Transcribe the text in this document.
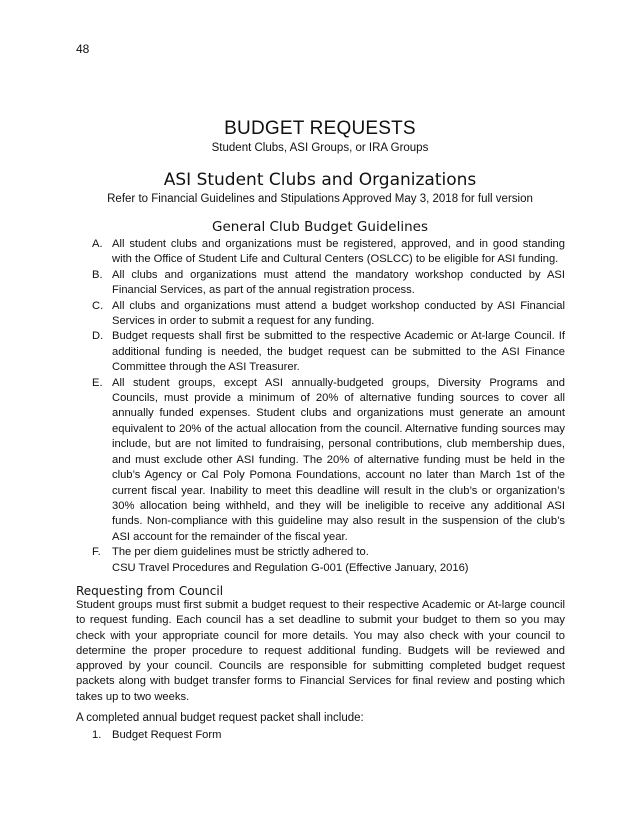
48
BUDGET REQUESTS
Student Clubs, ASI Groups, or IRA Groups
ASI Student Clubs and Organizations
Refer to Financial Guidelines and Stipulations Approved May 3, 2018 for full version
General Club Budget Guidelines
A. All student clubs and organizations must be registered, approved, and in good standing with the Office of Student Life and Cultural Centers (OSLCC) to be eligible for ASI funding.
B. All clubs and organizations must attend the mandatory workshop conducted by ASI Financial Services, as part of the annual registration process.
C. All clubs and organizations must attend a budget workshop conducted by ASI Financial Services in order to submit a request for any funding.
D. Budget requests shall first be submitted to the respective Academic or At-large Council. If additional funding is needed, the budget request can be submitted to the ASI Finance Committee through the ASI Treasurer.
E. All student groups, except ASI annually-budgeted groups, Diversity Programs and Councils, must provide a minimum of 20% of alternative funding sources to cover all annually funded expenses. Student clubs and organizations must generate an amount equivalent to 20% of the actual allocation from the council. Alternative funding sources may include, but are not limited to fundraising, personal contributions, club membership dues, and must exclude other ASI funding. The 20% of alternative funding must be held in the club’s Agency or Cal Poly Pomona Foundations, account no later than March 1st of the current fiscal year. Inability to meet this deadline will result in the club’s or organization’s 30% allocation being withheld, and they will be ineligible to receive any additional ASI funds. Non-compliance with this guideline may also result in the suspension of the club’s ASI account for the remainder of the fiscal year.
F. The per diem guidelines must be strictly adhered to.
CSU Travel Procedures and Regulation G-001 (Effective January, 2016)
Requesting from Council

Student groups must first submit a budget request to their respective Academic or At-large council to request funding. Each council has a set deadline to submit your budget to them so you may check with your appropriate council for more details. You may also check with your council to determine the proper procedure to request additional funding. Budgets will be reviewed and approved by your council. Councils are responsible for submitting completed budget request packets along with budget transfer forms to Financial Services for final review and posting which takes up to two weeks.

A completed annual budget request packet shall include:

1. Budget Request Form
